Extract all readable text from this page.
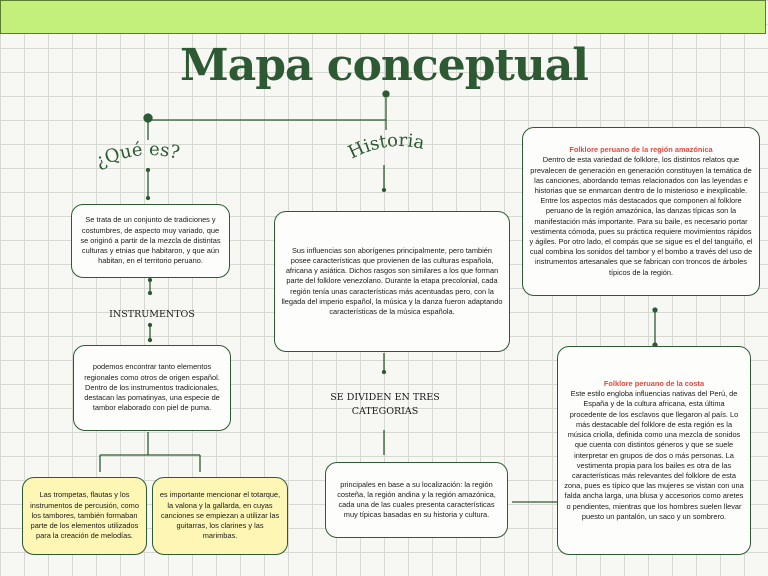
Mapa conceptual
¿Qué es?	Historia
Se trata de un conjunto de tradiciones y costumbres, de aspecto muy variado, que se originó a partir de la mezcla de distintas culturas y etnias que habitaron, y que aún habitan, en el territorio peruano.
Sus influencias son aborígenes principalmente, pero también posee características que provienen de las culturas española, africana y asiática. Dichos rasgos son similares a los que forman parte del folklore venezolano. Durante la etapa precolonial, cada región tenía unas características más acentuadas pero, con la llegada del imperio español, la música y la danza fueron adaptando características de la música española.
INSTRUMENTOS
podemos encontrar tanto elementos regionales como otros de origen español. Dentro de los instrumentos tradicionales, destacan las pomatinyas, una especie de tambor elaborado con piel de puma.
Las trompetas, flautas y los instrumentos de percusión, como los tambores, también formaban parte de los elementos utilizados para la creación de melodías.
es importante mencionar el totarque, la valona y la gallarda, en cuyas canciones se empiezan a utilizar las guitarras, los clarines y las marimbas.
SE DIVIDEN EN TRES CATEGORIAS
principales en base a su localización: la región costeña, la región andina y la región amazónica, cada una de las cuales presenta características muy típicas basadas en su historia y cultura.
Folklore peruano de la región amazónica
Dentro de esta variedad de folklore, los distintos relatos que prevalecen de generación en generación constituyen la temática de las canciones, abordando temas relacionados con las leyendas e historias que se enmarcan dentro de lo misterioso e inexplicable. Entre los aspectos más destacados que componen al folklore peruano de la región amazónica, las danzas típicas son la manifestación más importante. Para su baile, es necesario portar vestimenta cómoda, pues su práctica requiere movimientos rápidos y ágiles. Por otro lado, el compás que se sigue es el del tanguiño, el cual combina los sonidos del tambor y el bombo a través del uso de instrumentos artesanales que se fabrican con troncos de árboles típicos de la región.
Folklore peruano de la costa
Este estilo engloba influencias nativas del Perú, de España y de la cultura africana, esta última procedente de los esclavos que llegaron al país. Lo más destacable del folklore de esta región es la música criolla, definida como una mezcla de sonidos que cuenta con distintos géneros y que se suele interpretar en grupos de dos o más personas. La vestimenta propia para los bailes es otra de las características más relevantes del folklore de esta zona, pues es típico que las mujeres se vistan con una falda ancha larga, una blusa y accesorios como aretes o pendientes, mientras que los hombres suelen llevar puesto un pantalón, un saco y un sombrero.
